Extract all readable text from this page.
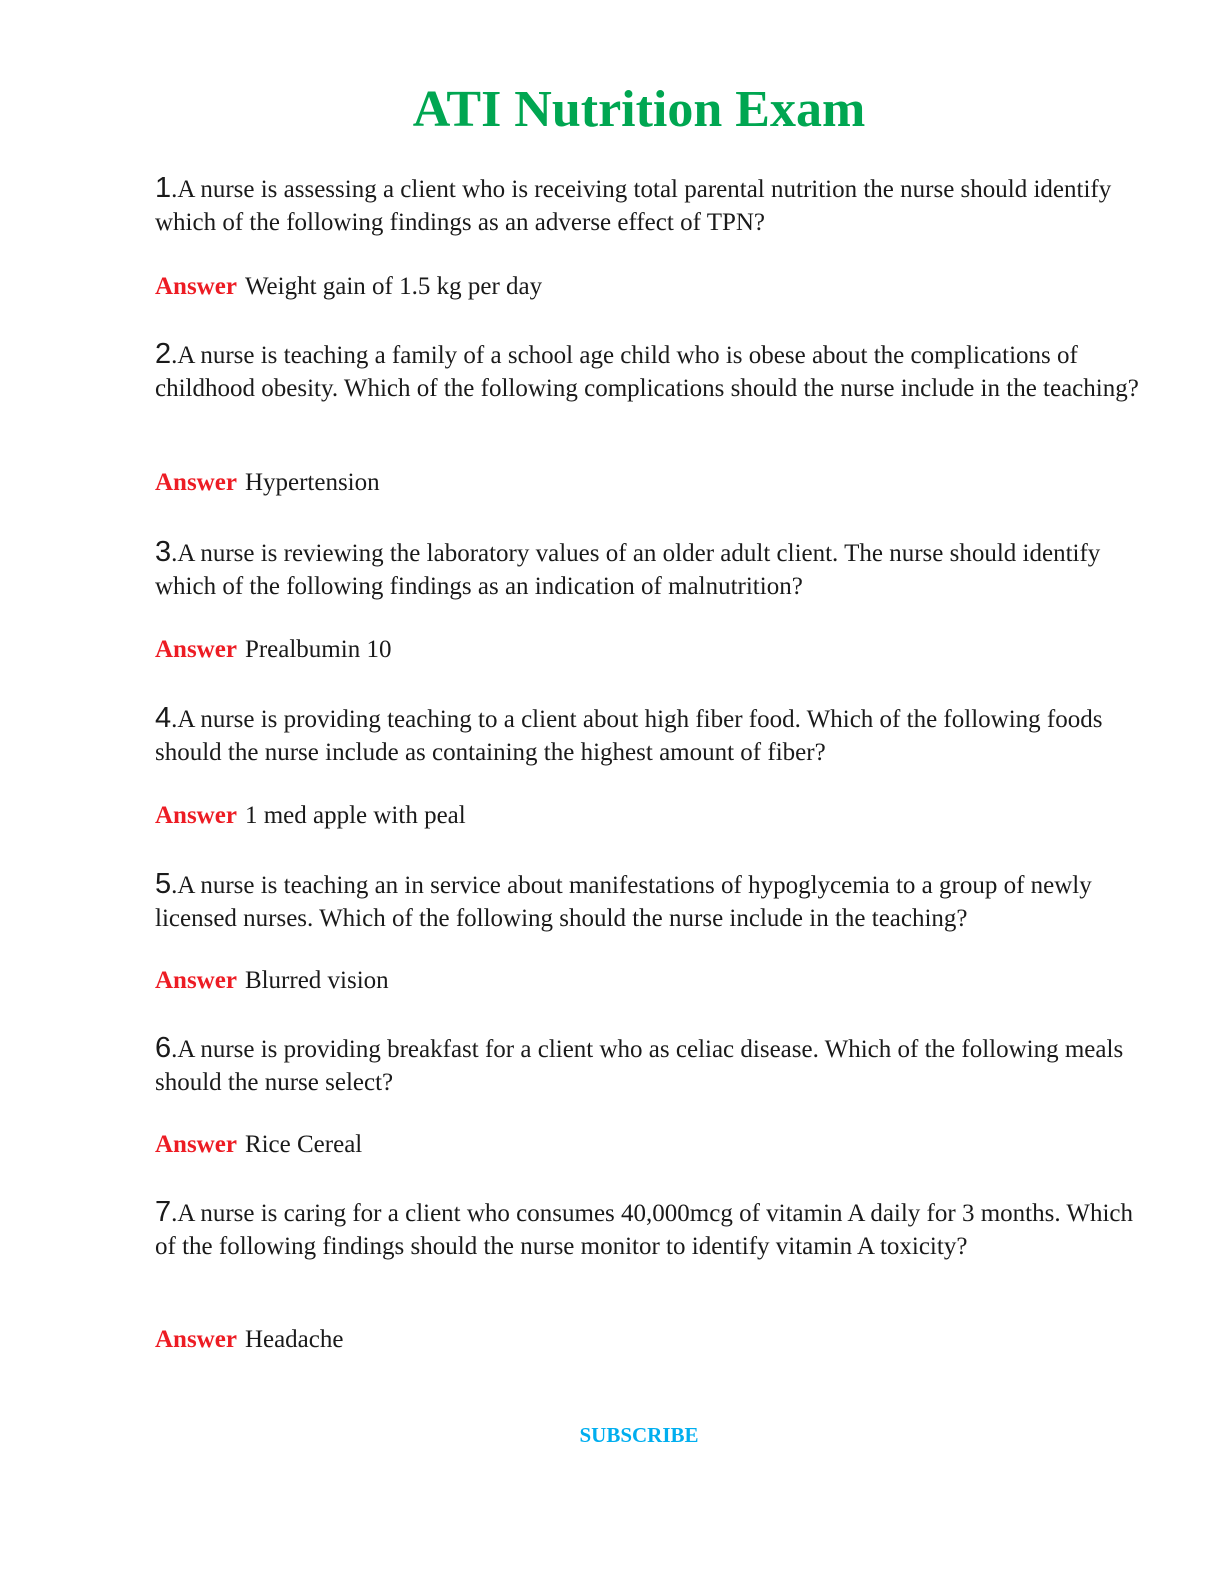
ATI Nutrition Exam

1.A nurse is assessing a client who is receiving total parental nutrition the nurse should identify which of the following findings as an adverse effect of TPN?

Answer Weight gain of 1.5 kg per day

2.A nurse is teaching a family of a school age child who is obese about the complications of childhood obesity. Which of the following complications should the nurse include in the teaching?

Answer Hypertension

3.A nurse is reviewing the laboratory values of an older adult client. The nurse should identify which of the following findings as an indication of malnutrition?

Answer Prealbumin 10

4.A nurse is providing teaching to a client about high fiber food. Which of the following foods should the nurse include as containing the highest amount of fiber?

Answer 1 med apple with peal

5.A nurse is teaching an in service about manifestations of hypoglycemia to a group of newly licensed nurses. Which of the following should the nurse include in the teaching?

Answer Blurred vision

6.A nurse is providing breakfast for a client who as celiac disease. Which of the following meals should the nurse select?

Answer Rice Cereal

7.A nurse is caring for a client who consumes 40,000mcg of vitamin A daily for 3 months. Which of the following findings should the nurse monitor to identify vitamin A toxicity?

Answer Headache

SUBSCRIBE
